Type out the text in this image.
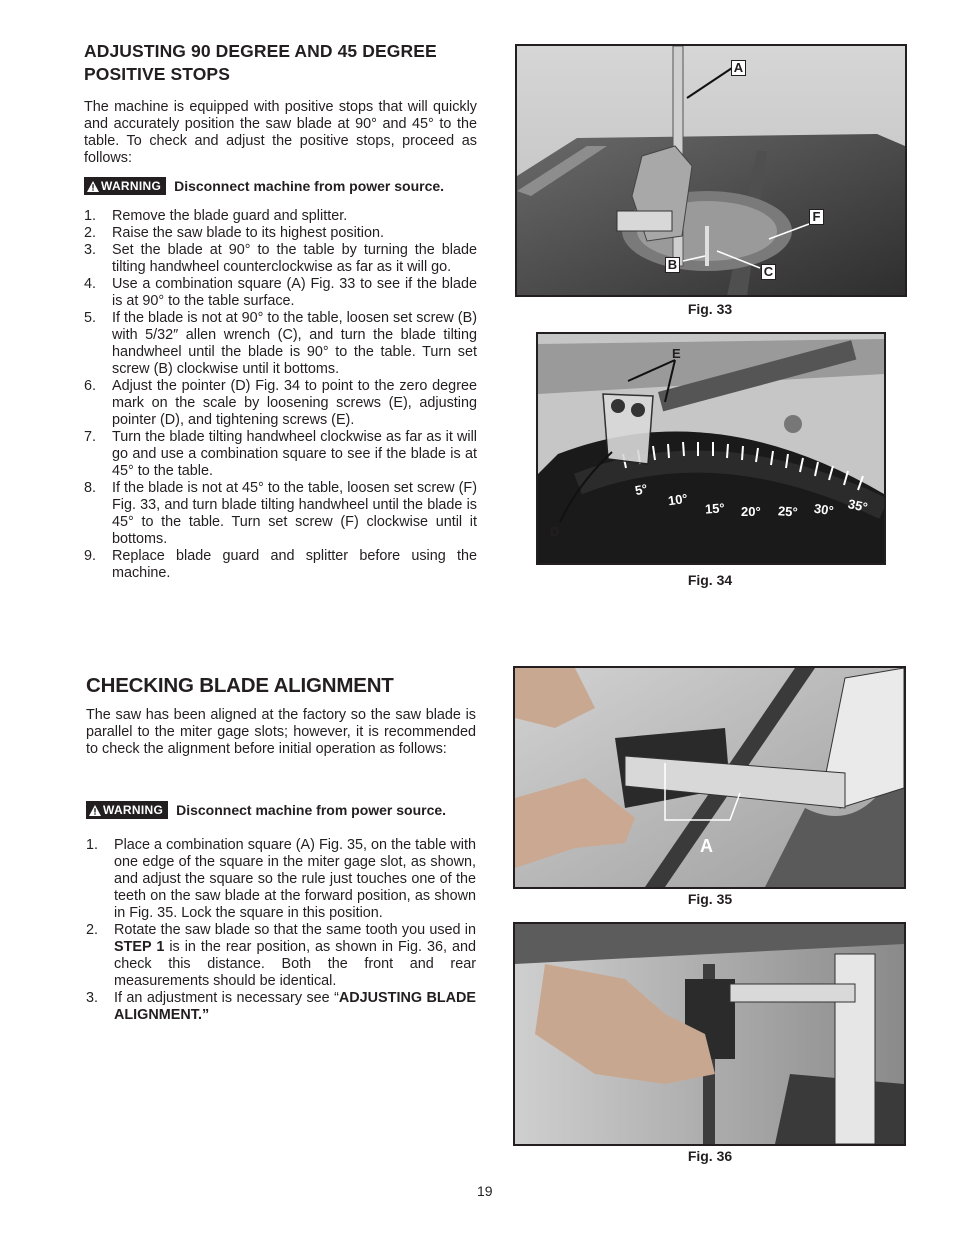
ADJUSTING 90 DEGREE AND 45 DEGREE POSITIVE STOPS

The machine is equipped with positive stops that will quickly and accurately position the saw blade at 90° and 45° to the table. To check and adjust the positive stops, proceed as follows:

WARNING Disconnect machine from power source.
1. Remove the blade guard and splitter.
2. Raise the saw blade to its highest position.
3. Set the blade at 90° to the table by turning the blade tilting handwheel counterclockwise as far as it will go.
4. Use a combination square (A) Fig. 33 to see if the blade is at 90° to the table surface.
5. If the blade is not at 90° to the table, loosen set screw (B) with 5/32″ allen wrench (C), and turn the blade tilting handwheel until the blade is 90° to the table. Turn set screw (B) clockwise until it bottoms.
6. Adjust the pointer (D) Fig. 34 to point to the zero degree mark on the scale by loosening screws (E), adjusting pointer (D), and tightening screws (E).
7. Turn the blade tilting handwheel clockwise as far as it will go and use a combination square to see if the blade is at 45° to the table.
8. If the blade is not at 45° to the table, loosen set screw (F) Fig. 33, and turn blade tilting handwheel until the blade is 45° to the table. Turn set screw (F) clockwise until it bottoms.
9. Replace blade guard and splitter before using the machine.
A
F
B	C
Fig. 33
E
D
5°
10°
15° 20° 25° 30° 35°
Fig. 34
CHECKING BLADE ALIGNMENT

The saw has been aligned at the factory so the saw blade is parallel to the miter gage slots; however, it is recommended to check the alignment before initial operation as follows:

WARNING Disconnect machine from power source.
1. Place a combination square (A) Fig. 35, on the table with one edge of the square in the miter gage slot, as shown, and adjust the square so the rule just touches one of the teeth on the saw blade at the forward position, as shown in Fig. 35. Lock the square in this position.
2. Rotate the saw blade so that the same tooth you used in STEP 1 is in the rear position, as shown in Fig. 36, and check this distance. Both the front and rear measurements should be identical.
3. If an adjustment is necessary see “ADJUSTING BLADE ALIGNMENT.”
A
Fig. 35
Fig. 36
19
